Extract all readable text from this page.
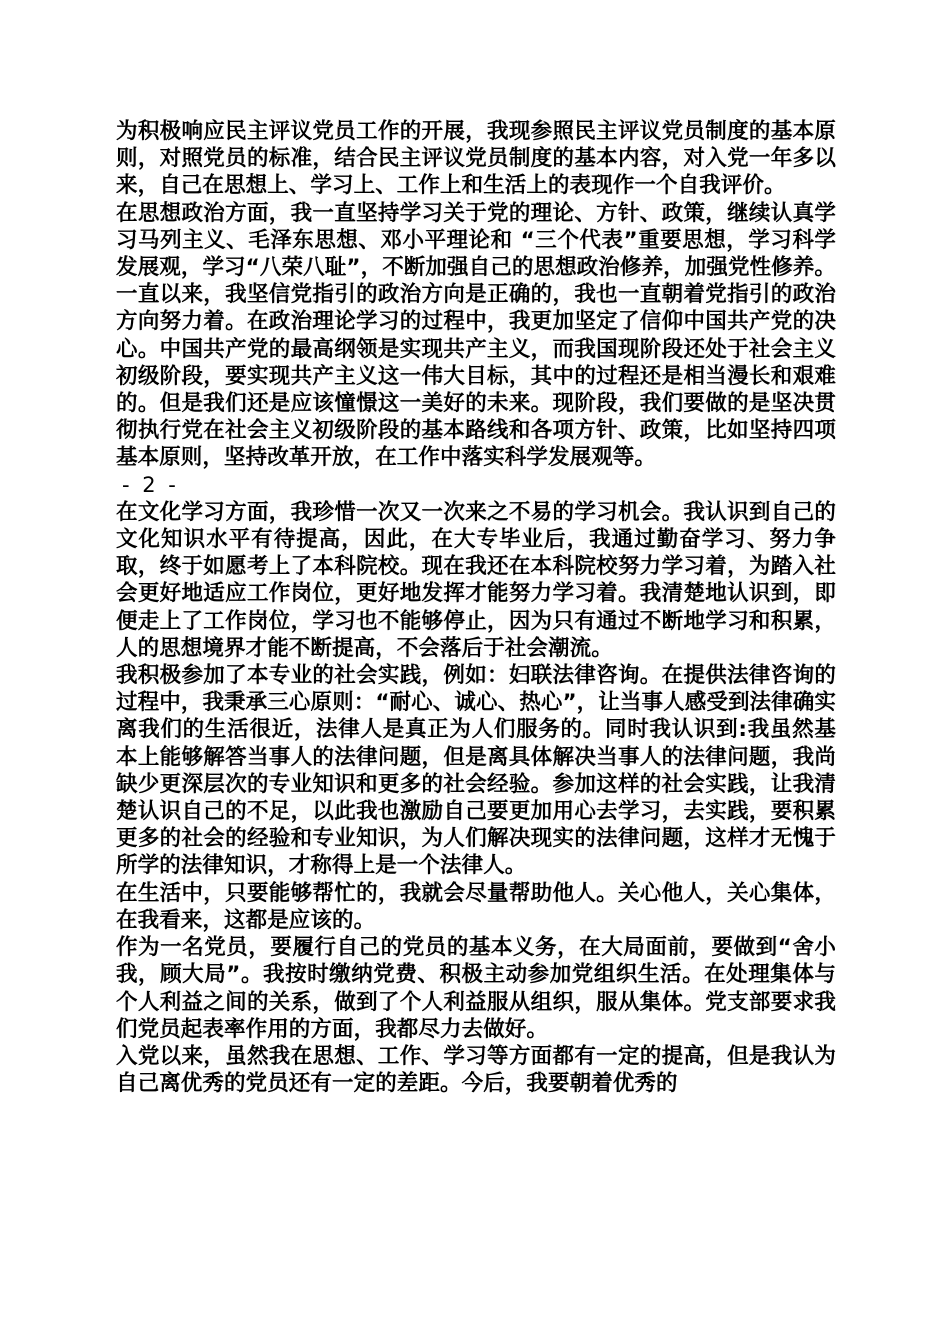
为积极响应民主评议党员工作的开展，我现参照民主评议党员制度的基本原则，对照党员的标准，结合民主评议党员制度的基本内容，对入党一年多以来，自己在思想上、学习上、工作上和生活上的表现作一个自我评价。

在思想政治方面，我一直坚持学习关于党的理论、方针、政策，继续认真学习马列主义、毛泽东思想、邓小平理论和 “三个代表”重要思想，学习科学发展观，学习“八荣八耻”，不断加强自己的思想政治修养，加强党性修养。一直以来，我坚信党指引的政治方向是正确的，我也一直朝着党指引的政治方向努力着。在政治理论学习的过程中，我更加坚定了信仰中国共产党的决心。中国共产党的最高纲领是实现共产主义，而我国现阶段还处于社会主义初级阶段，要实现共产主义这一伟大目标，其中的过程还是相当漫长和艰难的。但是我们还是应该憧憬这一美好的未来。现阶段，我们要做的是坚决贯彻执行党在社会主义初级阶段的基本路线和各项方针、政策，比如坚持四项基本原则，坚持改革开放，在工作中落实科学发展观等。

- 2 -

在文化学习方面，我珍惜一次又一次来之不易的学习机会。我认识到自己的文化知识水平有待提高，因此，在大专毕业后，我通过勤奋学习、努力争取，终于如愿考上了本科院校。现在我还在本科院校努力学习着，为踏入社会更好地适应工作岗位，更好地发挥才能努力学习着。我清楚地认识到，即便走上了工作岗位，学习也不能够停止，因为只有通过不断地学习和积累，人的思想境界才能不断提高，不会落后于社会潮流。

我积极参加了本专业的社会实践，例如：妇联法律咨询。在提供法律咨询的过程中，我秉承三心原则：“耐心、诚心、热心”，让当事人感受到法律确实离我们的生活很近，法律人是真正为人们服务的。同时我认识到:我虽然基本上能够解答当事人的法律问题，但是离具体解决当事人的法律问题，我尚缺少更深层次的专业知识和更多的社会经验。参加这样的社会实践，让我清楚认识自己的不足，以此我也激励自己要更加用心去学习，去实践，要积累更多的社会的经验和专业知识，为人们解决现实的法律问题，这样才无愧于所学的法律知识，才称得上是一个法律人。

在生活中，只要能够帮忙的，我就会尽量帮助他人。关心他人，关心集体，在我看来，这都是应该的。

作为一名党员，要履行自己的党员的基本义务，在大局面前，要做到“舍小我，顾大局”。我按时缴纳党费、积极主动参加党组织生活。在处理集体与个人利益之间的关系，做到了个人利益服从组织，服从集体。党支部要求我们党员起表率作用的方面，我都尽力去做好。

入党以来，虽然我在思想、工作、学习等方面都有一定的提高，但是我认为自己离优秀的党员还有一定的差距。今后，我要朝着优秀的
